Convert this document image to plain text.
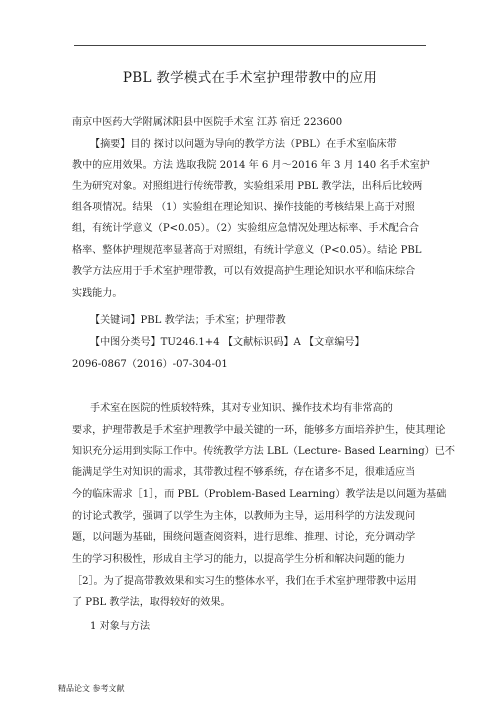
PBL 教学模式在手术室护理带教中的应用
南京中医药大学附属沭阳县中医院手术室 江苏 宿迁 223600
【摘要】目的 探讨以问题为导向的教学方法（PBL）在手术室临床带
教中的应用效果。方法 选取我院 2014 年 6 月～2016 年 3 月 140 名手术室护
生为研究对象。对照组进行传统带教，实验组采用 PBL 教学法，出科后比较两
组各项情况。结果 （1）实验组在理论知识、操作技能的考核结果上高于对照
组，有统计学意义（P<0.05）。（2）实验组应急情况处理达标率、手术配合合
格率、整体护理规范率显著高于对照组，有统计学意义（P<0.05）。结论 PBL
教学方法应用于手术室护理带教，可以有效提高护生理论知识水平和临床综合
实践能力。
【关键词】PBL 教学法；手术室；护理带教
【中图分类号】TU246.1+4 【文献标识码】A 【文章编号】
2096-0867（2016）-07-304-01
手术室在医院的性质较特殊，其对专业知识、操作技术均有非常高的
要求，护理带教是手术室护理教学中最关键的一环，能够多方面培养护生，使其理论
知识充分运用到实际工作中。传统教学方法 LBL（Lecture- Based Learning）已不
能满足学生对知识的需求，其带教过程不够系统，存在诸多不足，很难适应当
今的临床需求［1］，而 PBL（Problem-Based Learning）教学法是以问题为基础
的讨论式教学，强调了以学生为主体，以教师为主导，运用科学的方法发现问
题，以问题为基础，围绕问题查阅资料，进行思维、推理、讨论，充分调动学
生的学习积极性，形成自主学习的能力，以提高学生分析和解决问题的能力
［2］。为了提高带教效果和实习生的整体水平，我们在手术室护理带教中运用
了 PBL 教学法，取得较好的效果。
1 对象与方法
精品论文 参考文献
